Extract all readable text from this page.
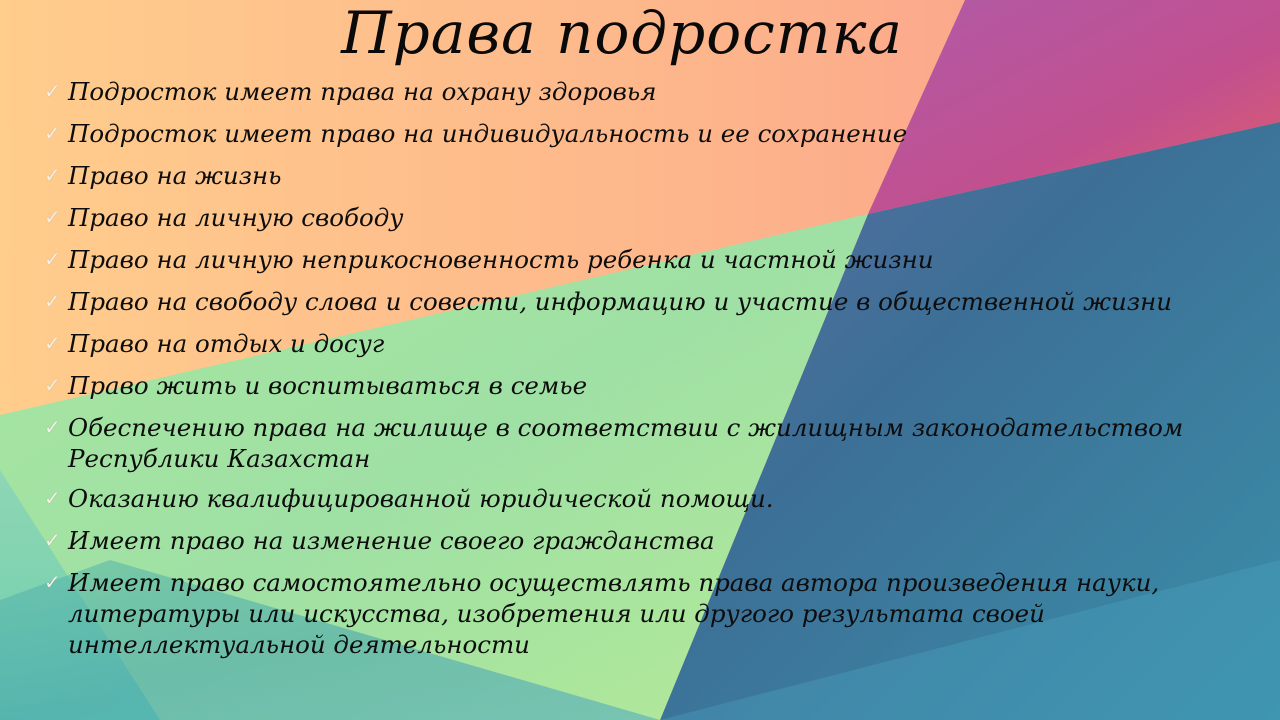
Права подростка
✓ Подросток имеет права на охрану здоровья
✓ Подросток имеет право на индивидуальность и ее сохранение
✓ Право на жизнь
✓ Право на личную свободу
✓ Право на личную неприкосновенность ребенка и частной жизни
✓ Право на свободу слова и совести, информацию и участие в общественной жизни
✓ Право на отдых и досуг
✓ Право жить и воспитываться в семье
✓ Обеспечению права на жилище в соответствии с жилищным законодательством Республики Казахстан
✓ Оказанию квалифицированной юридической помощи.
✓ Имеет право на изменение своего гражданства
✓ Имеет право самостоятельно осуществлять права автора произведения науки, литературы или искусства, изобретения или другого результата своей интеллектуальной деятельности
